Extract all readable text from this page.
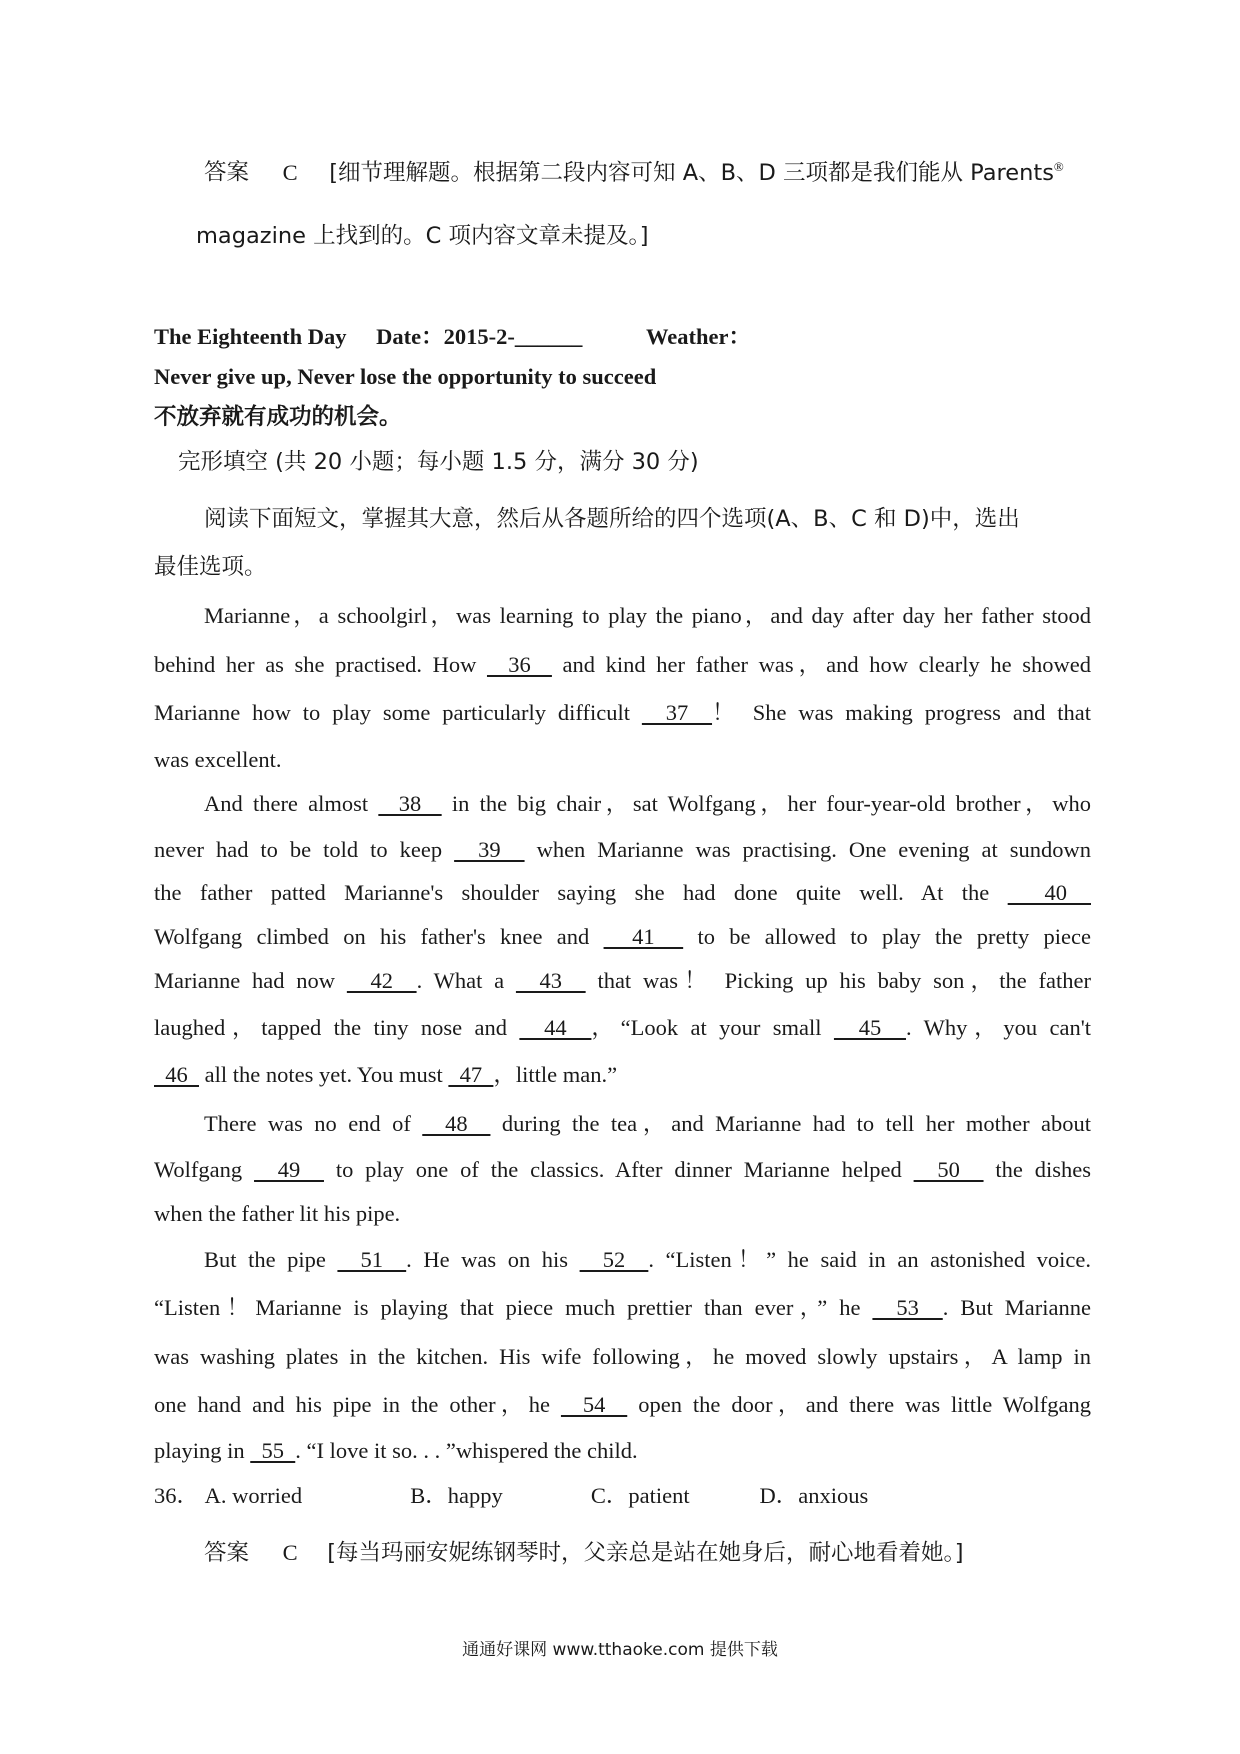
答案 C [细节理解题。根据第二段内容可知 A、B、D 三项都是我们能从 Parents®
magazine 上找到的。C 项内容文章未提及。]
The Eighteenth Day Date：2015-2-______	Weather：
Never give up, Never lose the opportunity to succeed
不放弃就有成功的机会。
完形填空 (共 20 小题；每小题 1.5 分，满分 30 分)
阅读下面短文，掌握其大意，然后从各题所给的四个选项(A、B、C 和 D)中，选出
最佳选项。
Marianne，a schoolgirl，was learning to play the piano，and day after day her father stood
behind her as she practised. How   36   and kind her father was，and how clearly he showed
Marianne how to play some particularly difficult   37  ！ She was making progress and that
was excellent.
And there almost   38   in the big chair，sat Wolfgang，her four-year-old brother，who
never had to be told to keep   39   when Marianne was practising. One evening at sundown
the father patted Marianne's shoulder saying she had done quite well. At the   40
Wolfgang climbed on his father's knee and   41   to be allowed to play the pretty piece
Marianne had now   42  . What a   43   that was！ Picking up his baby son，the father
laughed，tapped the tiny nose and   44  ，“Look at your small   45  . Why，you can't
46   all the notes yet. You must   47  ，little man.”
There was no end of   48   during the tea，and Marianne had to tell her mother about
Wolfgang   49   to play one of the classics. After dinner Marianne helped   50   the dishes
when the father lit his pipe.
But the pipe   51  . He was on his   52  . “Listen！” he said in an astonished voice.
“Listen！Marianne is playing that piece much prettier than ever，” he   53  . But Marianne
was washing plates in the kitchen. His wife following，he moved slowly upstairs，A lamp in
one hand and his pipe in the other，he   54   open the door，and there was little Wolfgang
playing in   55  . “I love it so. . . ”whispered the child.
36． A. worried	B．happy	C．patient	D．anxious
答案 C [每当玛丽安妮练钢琴时，父亲总是站在她身后，耐心地看着她。]
通通好课网 www.tthaoke.com 提供下载
